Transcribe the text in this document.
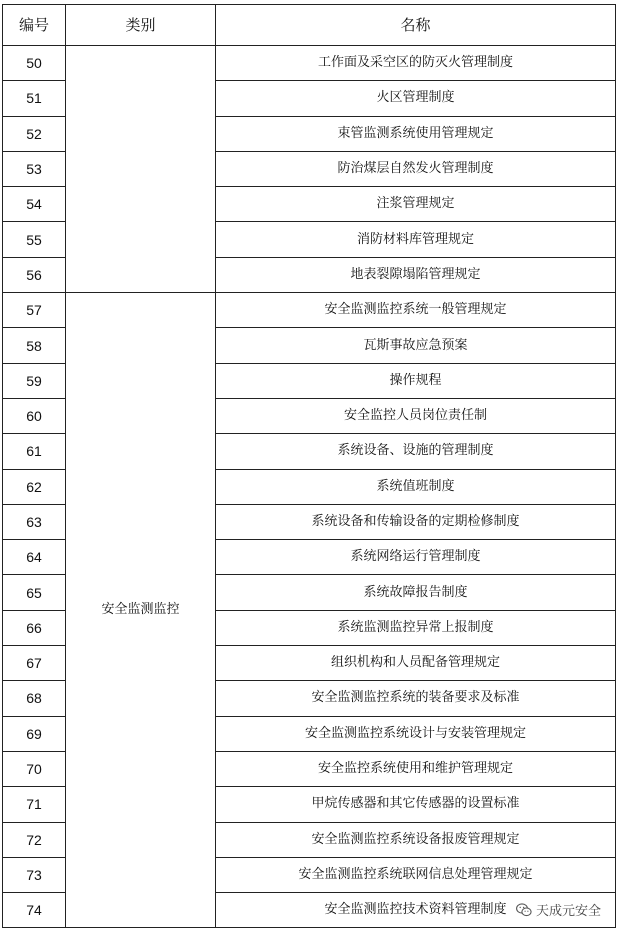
编号	类别	名称
50		工作面及采空区的防灭火管理制度
51		火区管理制度
52		束管监测系统使用管理规定
53		防治煤层自然发火管理制度
54		注浆管理规定
55		消防材料库管理规定
56		地表裂隙塌陷管理规定
57	安全监测监控	安全监测监控系统一般管理规定
58		瓦斯事故应急预案
59		操作规程
60		安全监控人员岗位责任制
61		系统设备、设施的管理制度
62		系统值班制度
63		系统设备和传输设备的定期检修制度
64		系统网络运行管理制度
65		系统故障报告制度
66		系统监测监控异常上报制度
67		组织机构和人员配备管理规定
68		安全监测监控系统的装备要求及标准
69		安全监测监控系统设计与安装管理规定
70		安全监控系统使用和维护管理规定
71		甲烷传感器和其它传感器的设置标准
72		安全监测监控系统设备报废管理规定
73		安全监测监控系统联网信息处理管理规定
74		安全监测监控技术资料管理制度 天成元安全
